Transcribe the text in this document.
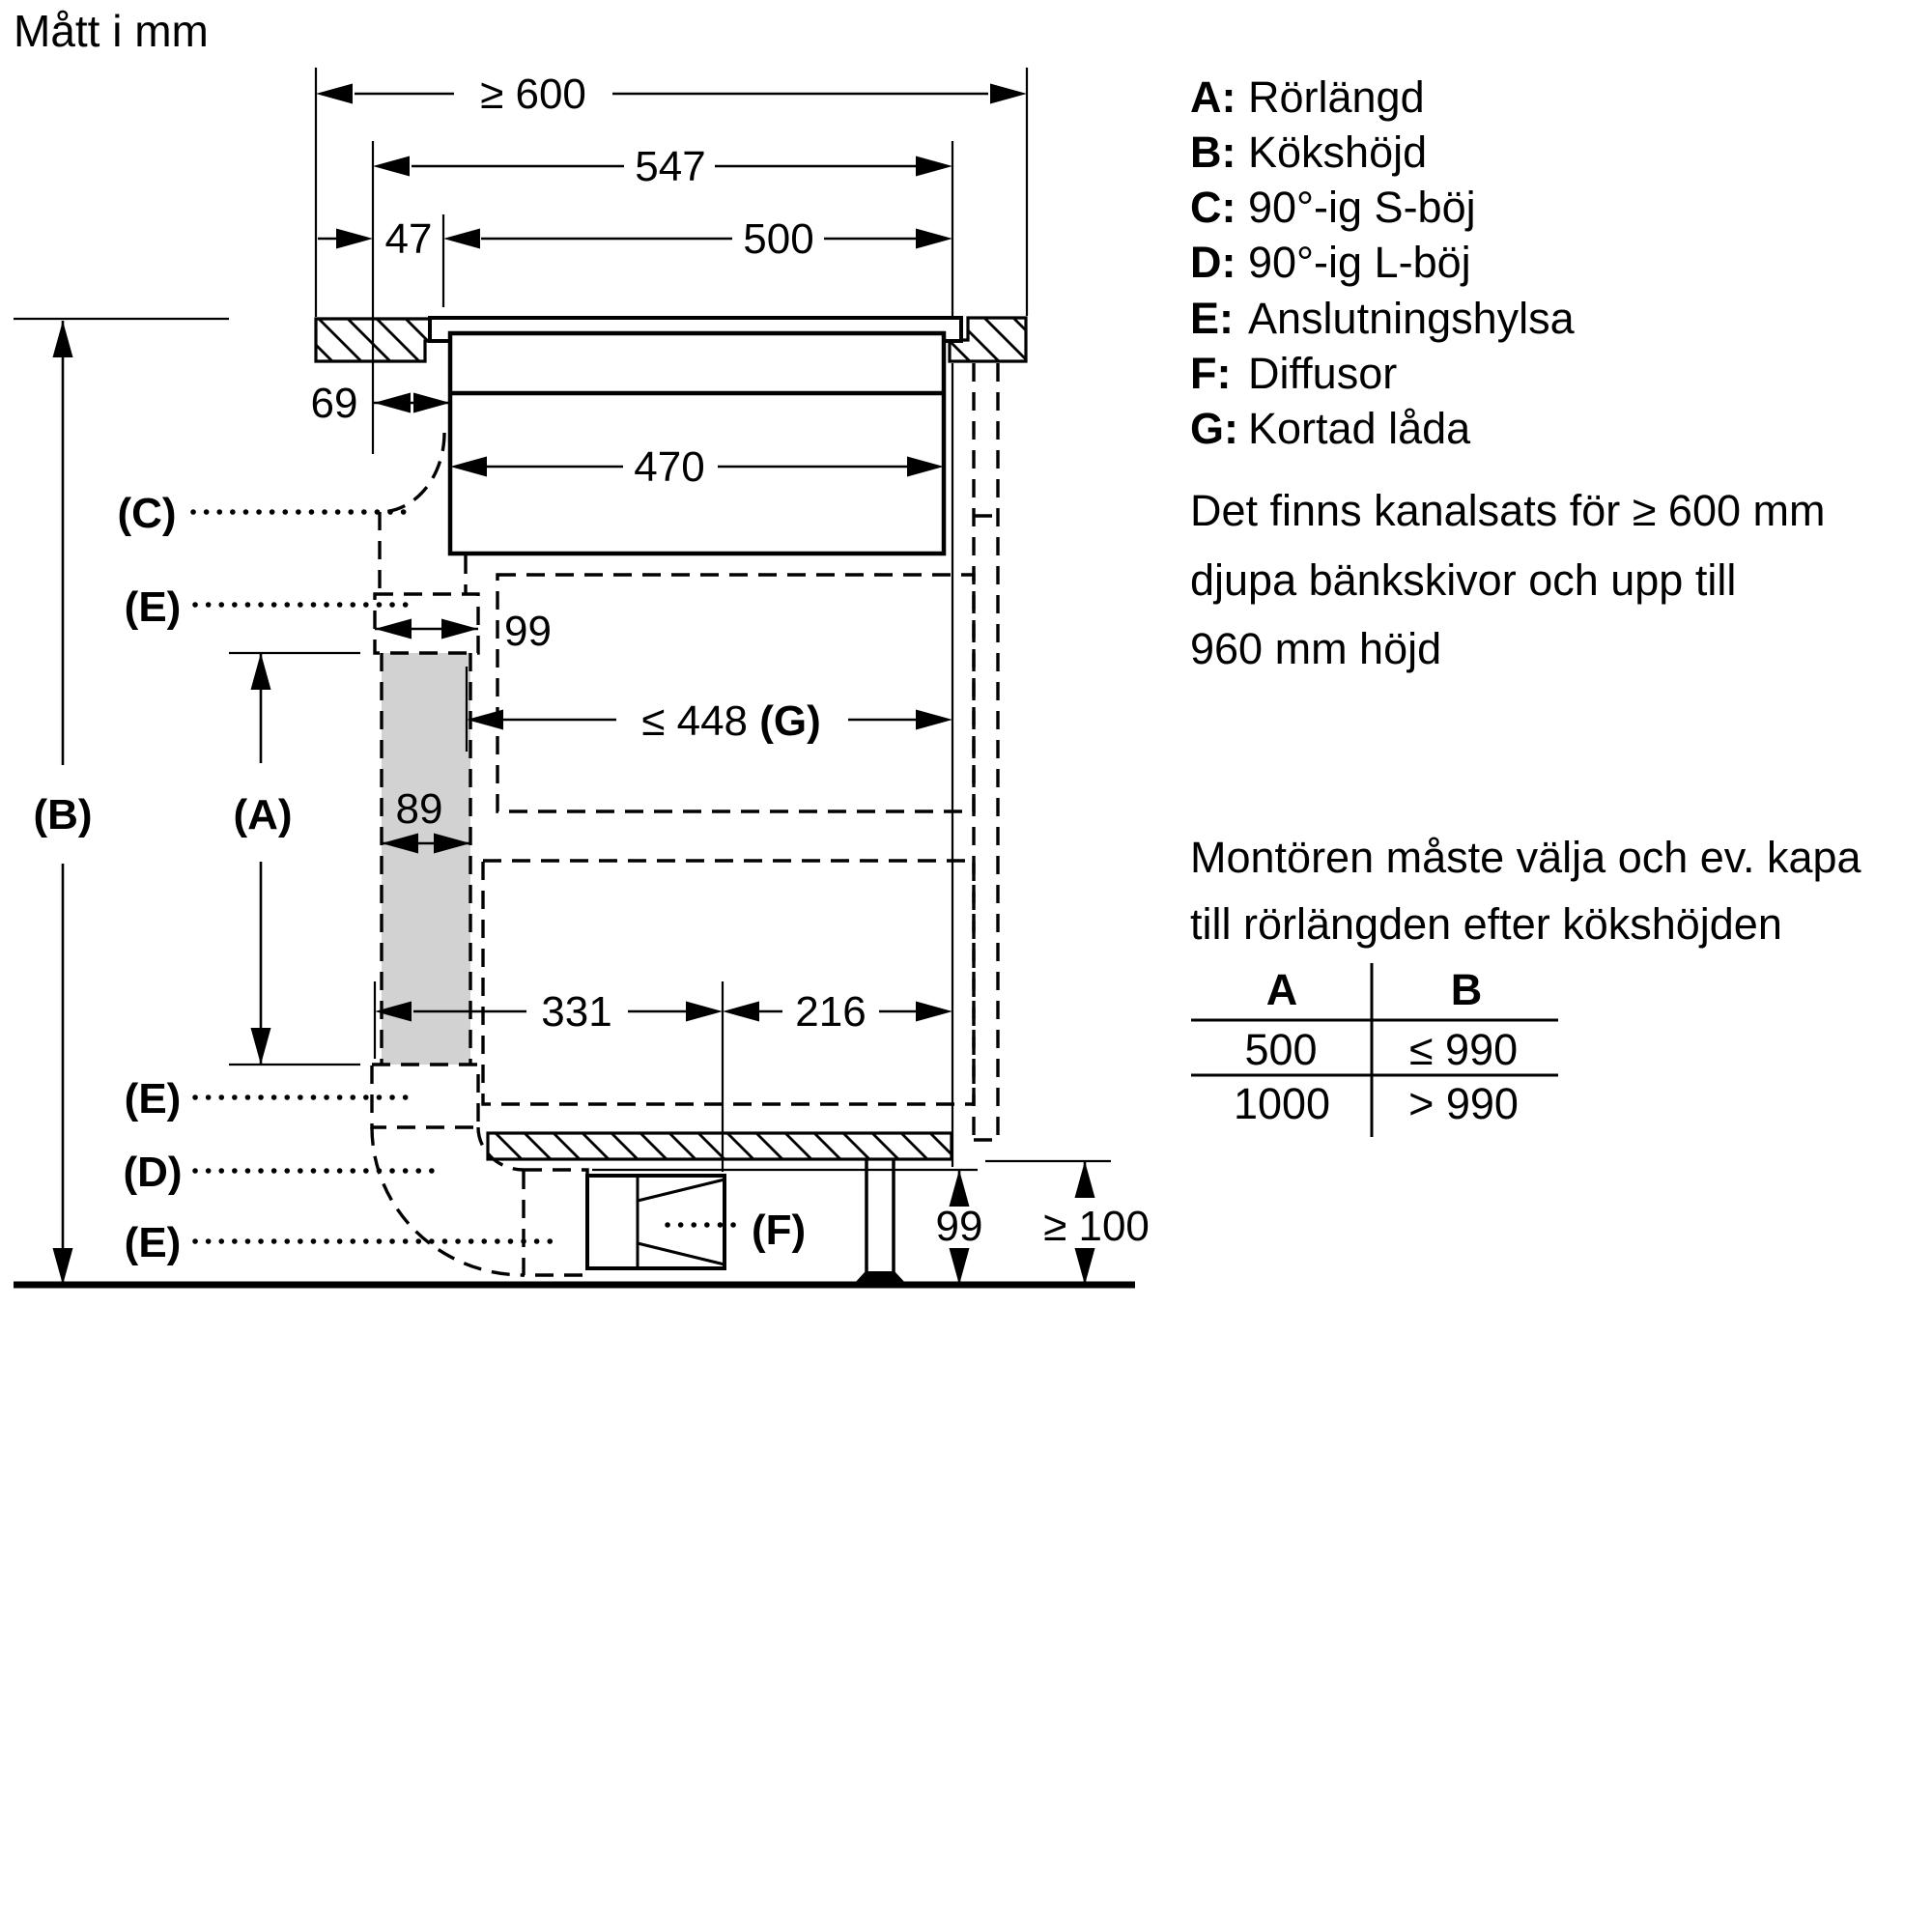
≥ 600
547
47	500
69
470
99
≤ 448 (G)
89
331	216
99 ≥ 100
(A)
(B)
(C)
(E)
(E)
(D)
(E)	(F)
Mått i mm
A: Rörlängd
B: Kökshöjd
C: 90°-ig S-böj
D: 90°-ig L-böj
E: Anslutningshylsa
F: Diffusor
G: Kortad låda
Det finns kanalsats för ≥ 600 mm
djupa bänkskivor och upp till
960 mm höjd
Montören måste välja och ev. kapa
till rörlängden efter kökshöjden
A	B
500 ≤ 990
1000 > 990
